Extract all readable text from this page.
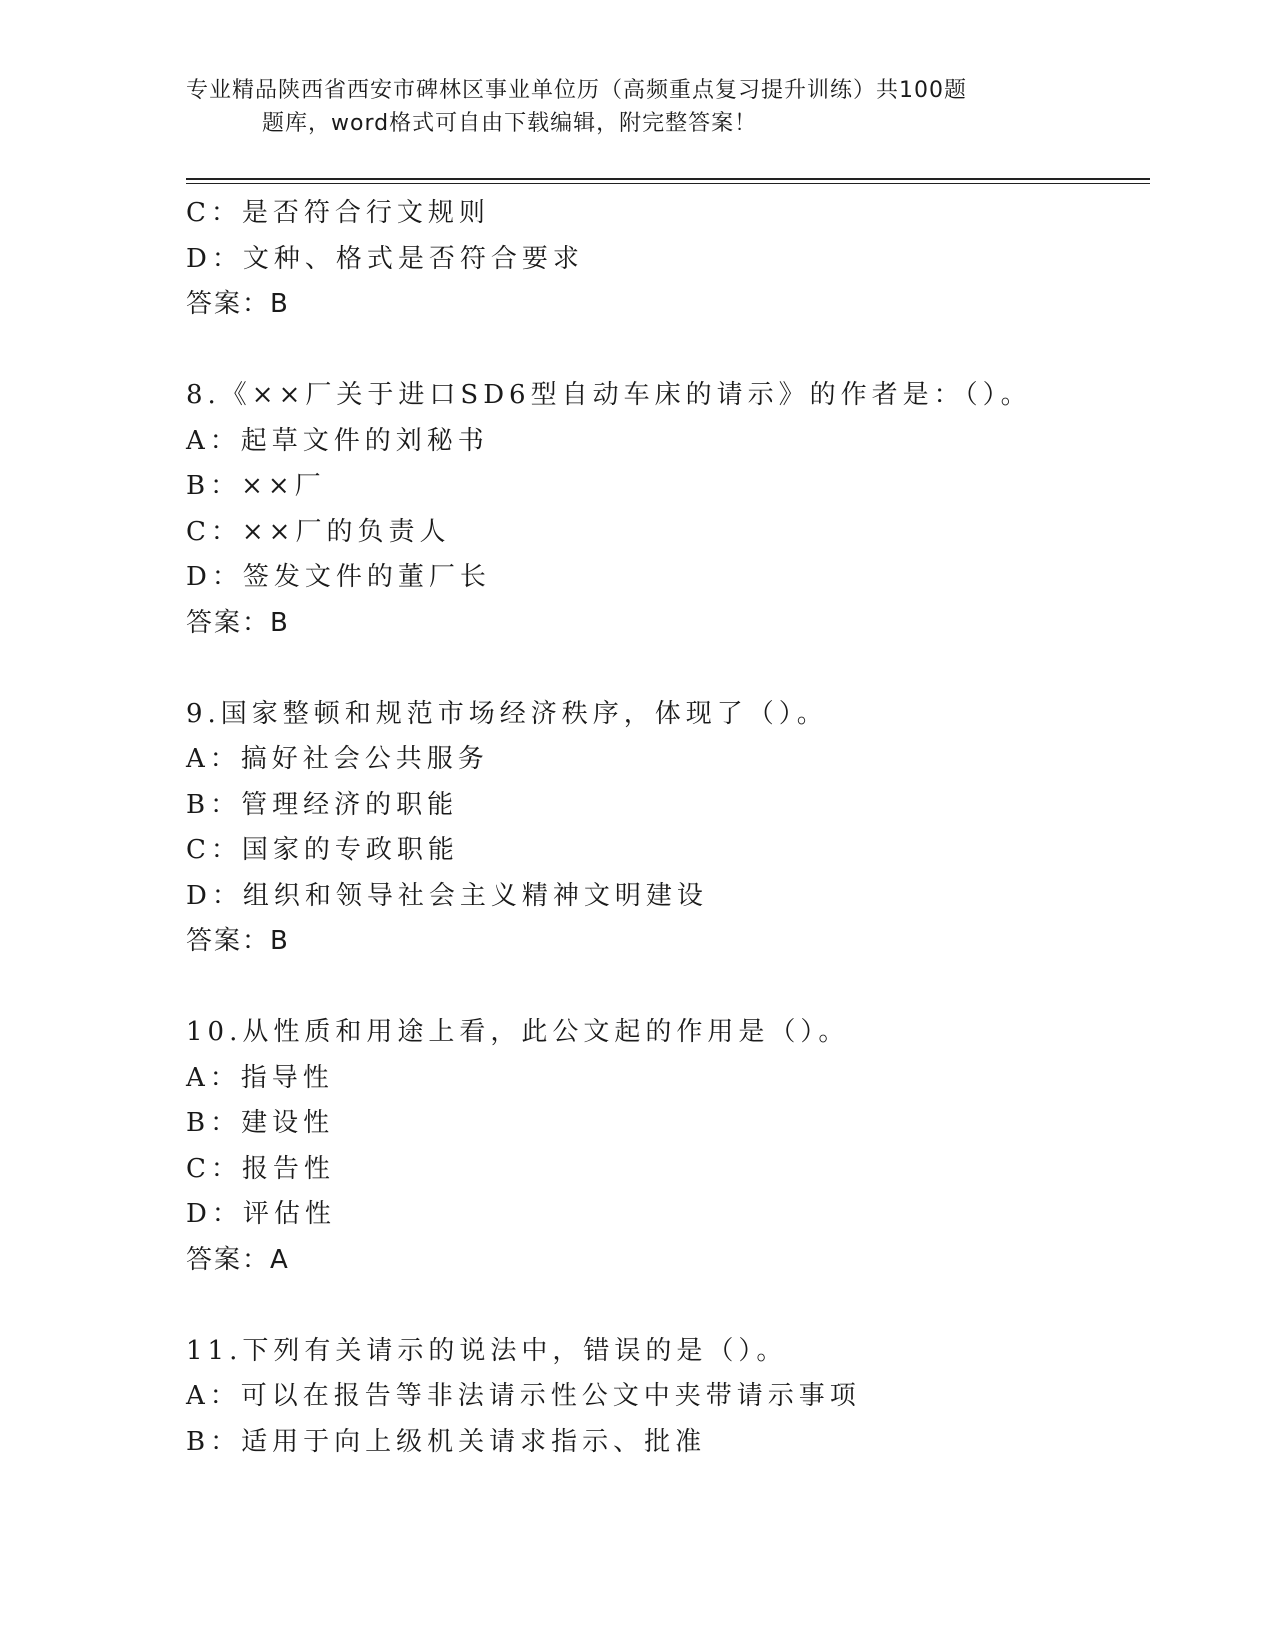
专业精品陕西省西安市碑林区事业单位历（高频重点复习提升训练）共100题
题库，word格式可自由下载编辑，附完整答案！
C：是否符合行文规则
D：文种、格式是否符合要求
答案：B
8.《××厂关于进口SD6型自动车床的请示》的作者是：（）。
A：起草文件的刘秘书
B：××厂
C：××厂的负责人
D：签发文件的董厂长
答案：B
9.国家整顿和规范市场经济秩序，体现了（）。
A：搞好社会公共服务
B：管理经济的职能
C：国家的专政职能
D：组织和领导社会主义精神文明建设
答案：B
10.从性质和用途上看，此公文起的作用是（）。
A：指导性
B：建设性
C：报告性
D：评估性
答案：A
11.下列有关请示的说法中，错误的是（）。
A：可以在报告等非法请示性公文中夹带请示事项
B：适用于向上级机关请求指示、批准
